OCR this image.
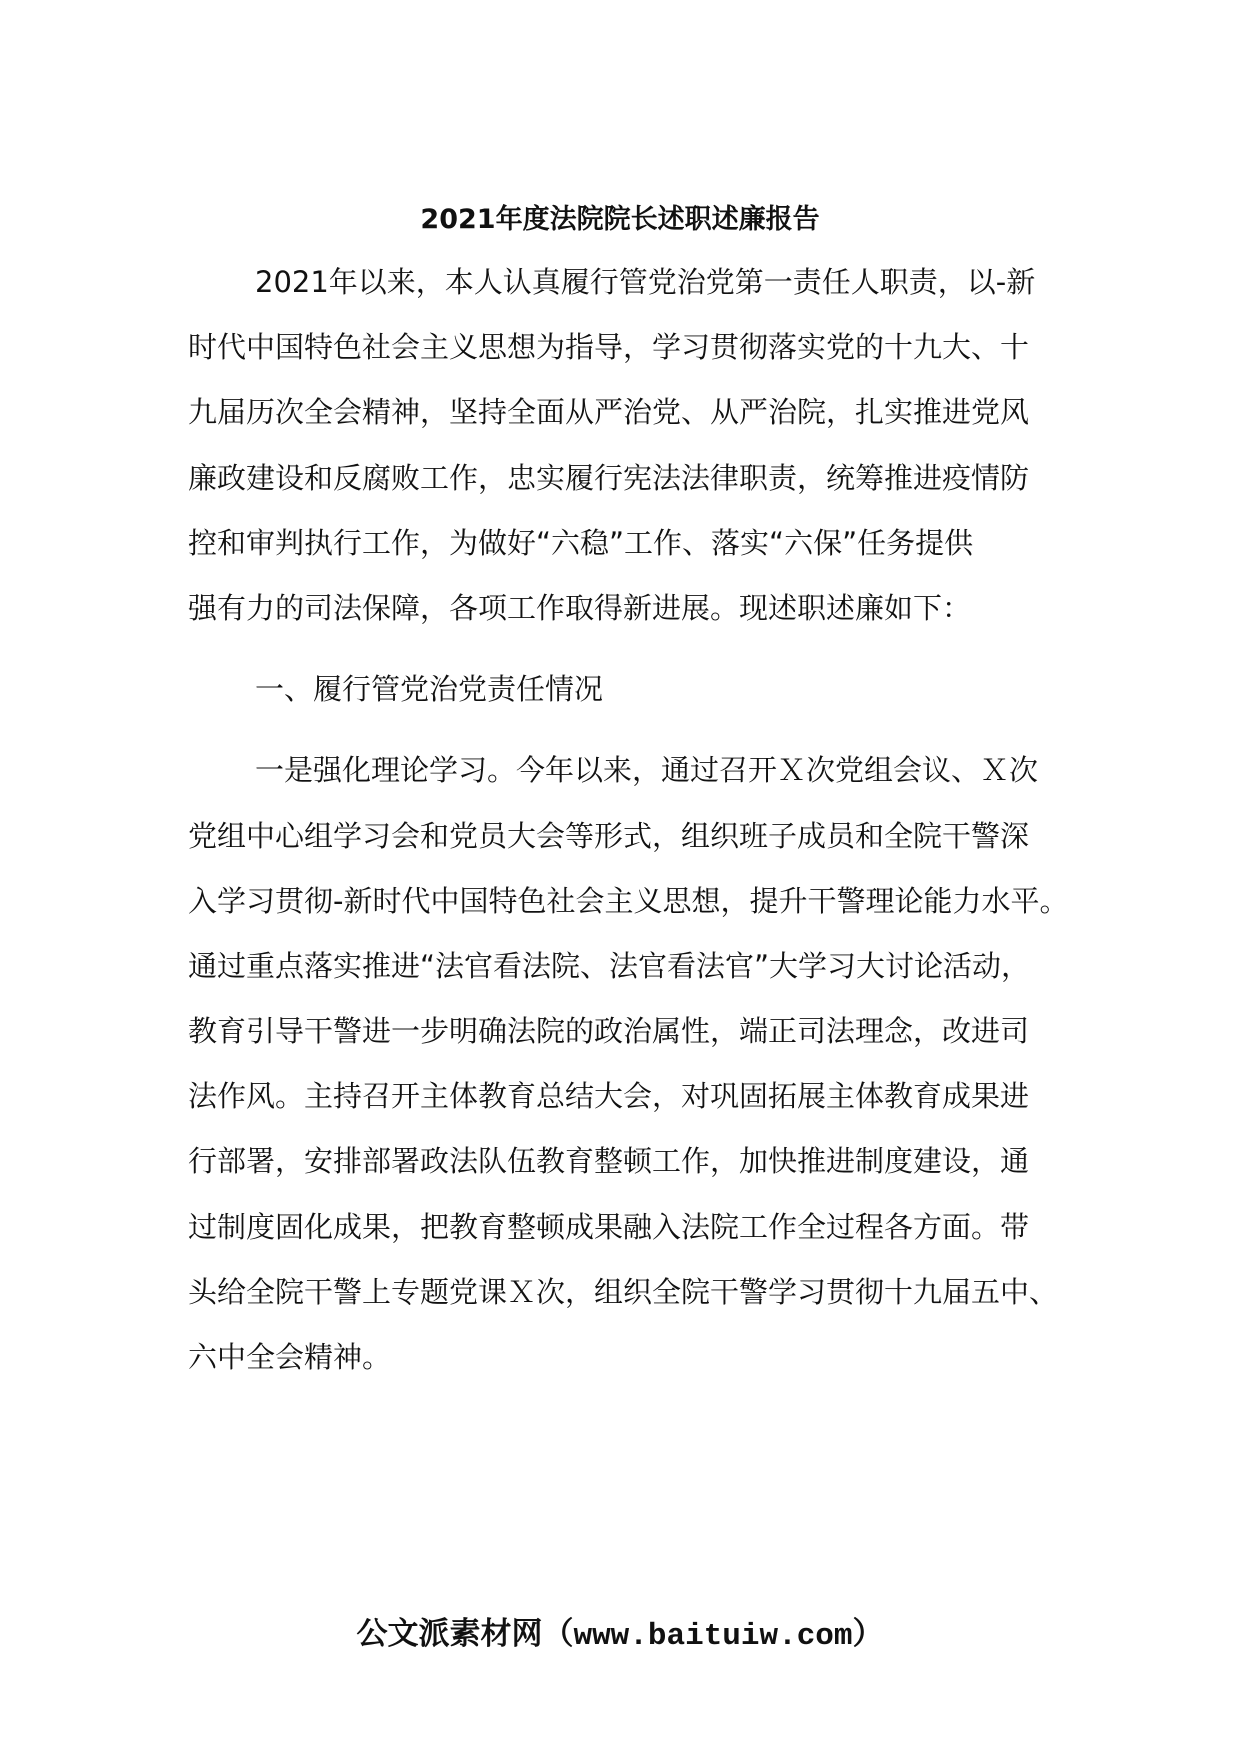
2021年度法院院长述职述廉报告
2021年以来，本人认真履行管党治党第一责任人职责，以-新
时代中国特色社会主义思想为指导，学习贯彻落实党的十九大、十
九届历次全会精神，坚持全面从严治党、从严治院，扎实推进党风
廉政建设和反腐败工作，忠实履行宪法法律职责，统筹推进疫情防
控和审判执行工作，为做好“六稳”工作、落实“六保”任务提供
强有力的司法保障，各项工作取得新进展。现述职述廉如下：
一、履行管党治党责任情况
一是强化理论学习。今年以来，通过召开Ｘ次党组会议、Ｘ次
党组中心组学习会和党员大会等形式，组织班子成员和全院干警深
入学习贯彻-新时代中国特色社会主义思想，提升干警理论能力水平。
通过重点落实推进“法官看法院、法官看法官”大学习大讨论活动，
教育引导干警进一步明确法院的政治属性，端正司法理念，改进司
法作风。主持召开主体教育总结大会，对巩固拓展主体教育成果进
行部署，安排部署政法队伍教育整顿工作，加快推进制度建设，通
过制度固化成果，把教育整顿成果融入法院工作全过程各方面。带
头给全院干警上专题党课Ｘ次，组织全院干警学习贯彻十九届五中、
六中全会精神。
公文派素材网（www.baituiw.com）
